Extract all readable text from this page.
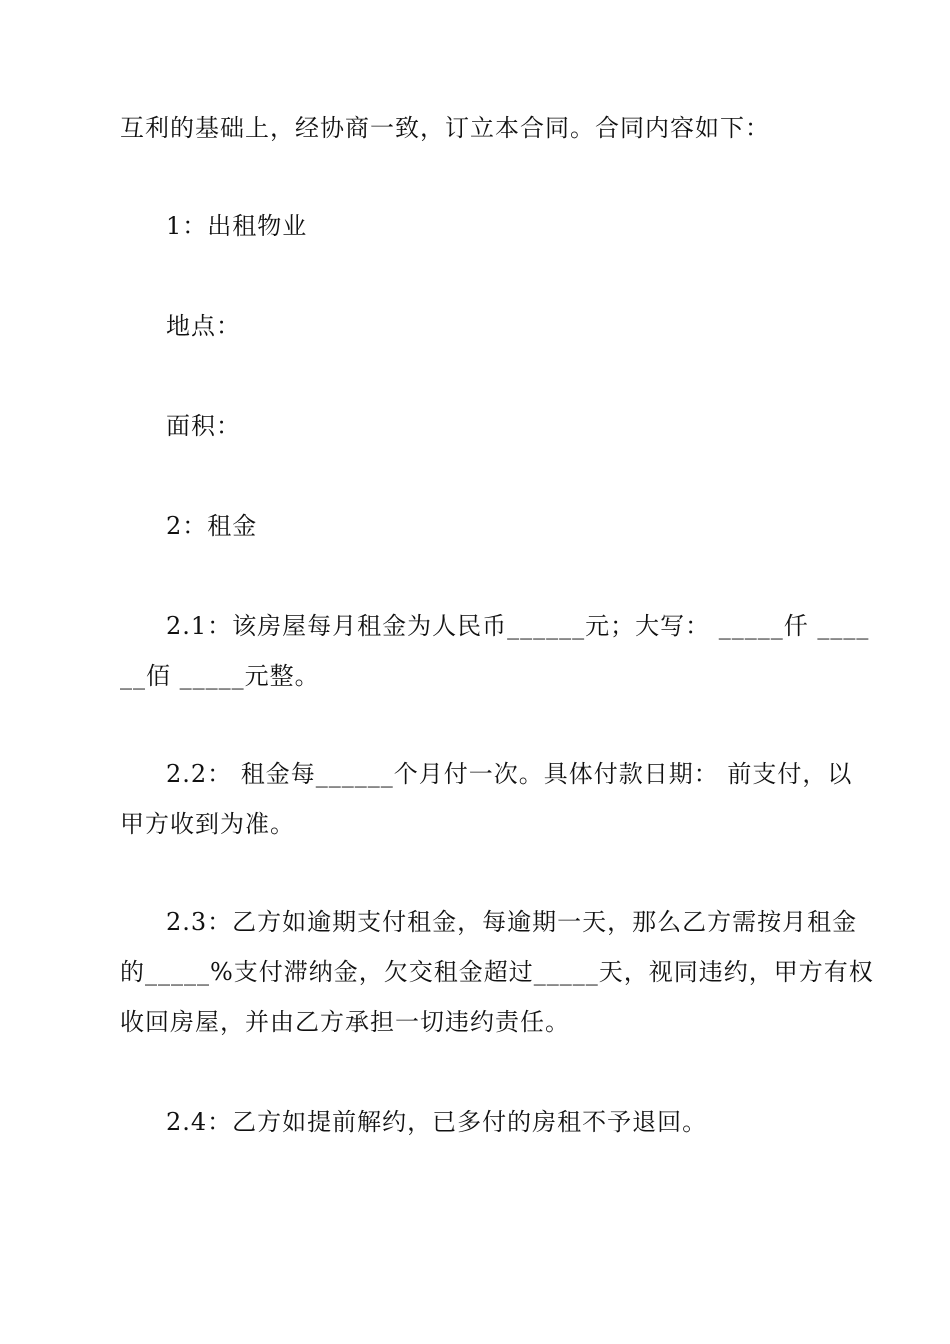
互利的基础上，经协商一致，订立本合同。合同内容如下：
1：出租物业
地点：
面积：
2：租金
2.1：该房屋每月租金为人民币______元；大写： _____仟 ____
__佰 _____元整。
2.2： 租金每______个月付一次。具体付款日期： 前支付，以
甲方收到为准。
2.3：乙方如逾期支付租金，每逾期一天，那么乙方需按月租金
的_____%支付滞纳金，欠交租金超过_____天，视同违约，甲方有权
收回房屋，并由乙方承担一切违约责任。
2.4：乙方如提前解约，已多付的房租不予退回。
